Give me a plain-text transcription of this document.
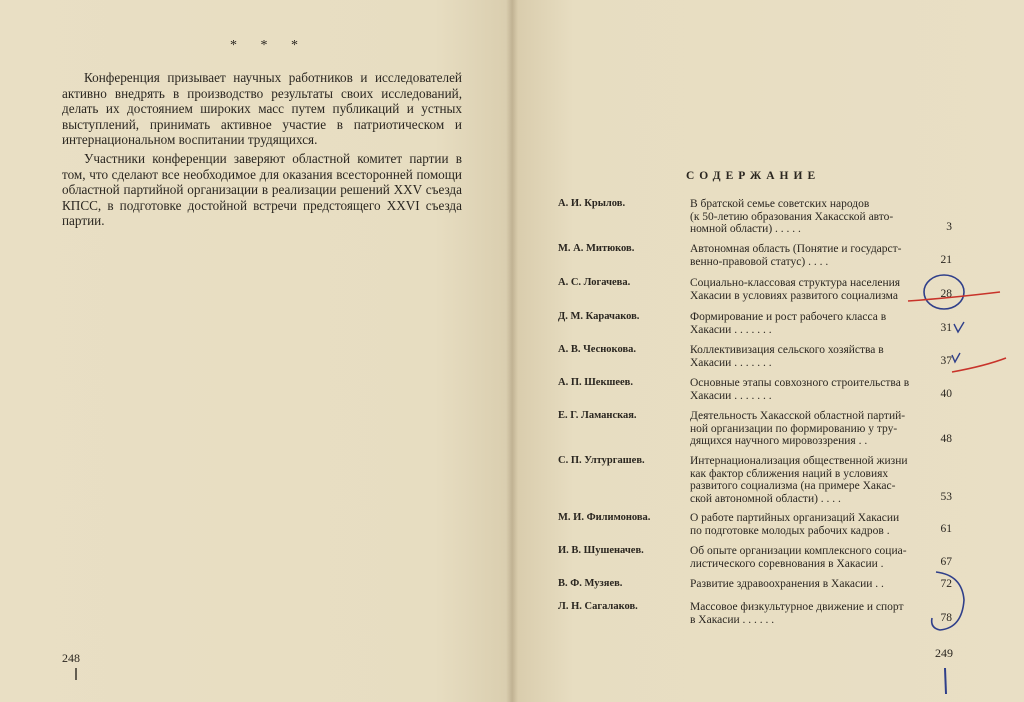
* * *
Конференция призывает научных работников и исследователей активно внедрять в производство результаты своих исследований, делать их достоянием широких масс путем публикаций и устных выступлений, принимать активное участие в патриотическом и интернациональном воспитании трудящихся.
Участники конференции заверяют областной комитет партии в том, что сделают все необходимое для оказания всесторонней помощи областной партийной организации в реализации решений XXV съезда КПСС, в подготовке достойной встречи предстоящего XXVI съезда партии.
248
СОДЕРЖАНИЕ
А. И. Крылов.	В братской семье советских народов
(к 50-летию образования Хакасской авто-
номной области) . . . . .	3
М. А. Митюков.	Автономная область (Понятие и государст-
венно-правовой статус) . . . .	21
А. С. Логачева.	Социально-классовая структура населения
Хакасии в условиях развитого социализма	28
Д. М. Карачаков.	Формирование и рост рабочего класса в
Хакасии . . . . . . .	31
А. В. Чеснокова.	Коллективизация сельского хозяйства в
Хакасии . . . . . . .	37
А. П. Шекшеев.	Основные этапы совхозного строительства в
Хакасии . . . . . . .	40
Е. Г. Ламанская.	Деятельность Хакасской областной партий-
ной организации по формированию у тру-
дящихся научного мировоззрения . .	48
С. П. Ултургашев.	Интернационализация общественной жизни
как фактор сближения наций в условиях
развитого социализма (на примере Хакас-
ской автономной области) . . . .	53
М. И. Филимонова.	О работе партийных организаций Хакасии
по подготовке молодых рабочих кадров .	61
И. В. Шушеначев.	Об опыте организации комплексного социа-
листического соревнования в Хакасии .	67
В. Ф. Музяев.	Развитие здравоохранения в Хакасии . .	72
Л. Н. Сагалаков.	Массовое физкультурное движение и спорт
в Хакасии . . . . . .	78
249
